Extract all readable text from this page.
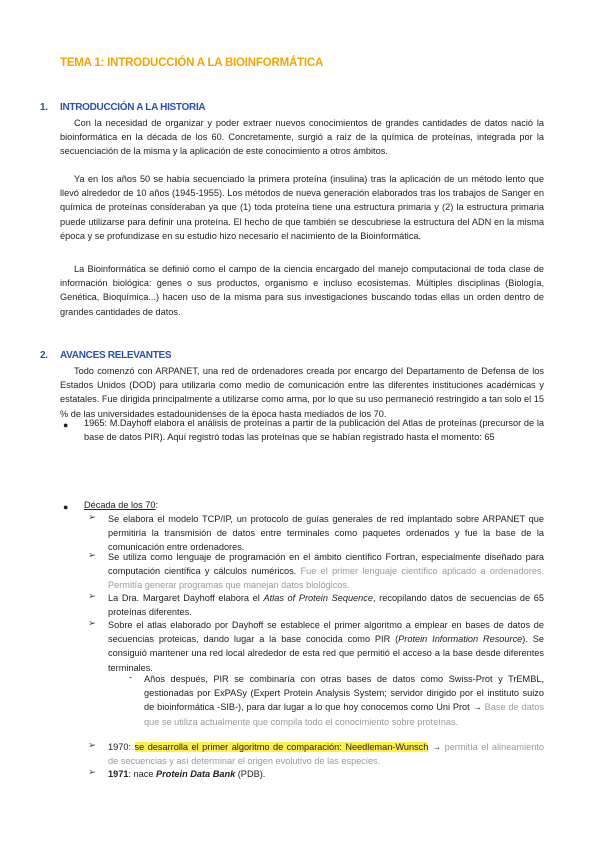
TEMA 1: INTRODUCCIÓN A LA BIOINFORMÁTICA
1. INTRODUCCIÓN A LA HISTORIA
Con la necesidad de organizar y poder extraer nuevos conocimientos de grandes cantidades de datos nació la bioinformática en la década de los 60. Concretamente, surgió a raíz de la química de proteínas, integrada por la secuenciación de la misma y la aplicación de este conocimiento a otros ámbitos.
Ya en los años 50 se había secuenciado la primera proteína (insulina) tras la aplicación de un método lento que llevó alrededor de 10 años (1945-1955). Los métodos de nueva generación elaborados tras los trabajos de Sanger en química de proteínas consideraban ya que (1) toda proteína tiene una estructura primaria y (2) la estructura primaria puede utilizarse para definir una proteína. El hecho de que también se descubriese la estructura del ADN en la misma época y se profundizase en su estudio hizo necesario el nacimiento de la Bioinformática.
La Bioinformática se definió como el campo de la ciencia encargado del manejo computacional de toda clase de información biológica: genes o sus productos, organismo e incluso ecosistemas. Múltiples disciplinas (Biología, Genética, Bioquímica...) hacen uso de la misma para sus investigaciones buscando todas ellas un orden dentro de grandes cantidades de datos.
2. AVANCES RELEVANTES
Todo comenzó con ARPANET, una red de ordenadores creada por encargo del Departamento de Defensa de los Estados Unidos (DOD) para utilizarla como medio de comunicación entre las diferentes instituciones académicas y estatales. Fue dirigida principalmente a utilizarse como arma, por lo que su uso permaneció restringido a tan solo el 15 % de las universidades estadounidenses de la época hasta mediados de los 70.
● 1965: M.Dayhoff elabora el análisis de proteínas a partir de la publicación del Atlas de proteínas (precursor de la base de datos PIR). Aquí registró todas las proteínas que se habían registrado hasta el momento: 65
● Década de los 70:
➢ Se elabora el modelo TCP/IP, un protocolo de guías generales de red implantado sobre ARPANET que permitiría la transmisión de datos entre terminales como paquetes ordenados y fue la base de la comunicación entre ordenadores.
➢ Se utiliza como lenguaje de programación en el ámbito científico Fortran, especialmente diseñado para computación científica y cálculos numéricos. Fue el primer lenguaje científico aplicado a ordenadores. Permitía generar programas que manejan datos biológicos.
➢ La Dra. Margaret Dayhoff elabora el Atlas of Protein Sequence, recopilando datos de secuencias de 65 proteínas diferentes.
➢ Sobre el atlas elaborado por Dayhoff se establece el primer algoritmo a emplear en bases de datos de secuencias proteicas, dando lugar a la base conocida como PIR (Protein Information Resource). Se consiguió mantener una red local alrededor de esta red que permitió el acceso a la base desde diferentes terminales.
- Años después, PIR se combinaría con otras bases de datos como Swiss-Prot y TrEMBL, gestionadas por ExPASy (Expert Protein Analysis System; servidor dirigido por el instituto suizo de bioinformática -SIB-), para dar lugar a lo que hoy conocemos como Uni Prot → Base de datos que se utiliza actualmente que compila todo el conocimiento sobre proteínas.
➢ 1970: se desarrolla el primer algoritmo de comparación: Needleman-Wunsch → permitía el alineamiento de secuencias y así determinar el origen evolutivo de las especies.
➢ 1971: nace Protein Data Bank (PDB).
